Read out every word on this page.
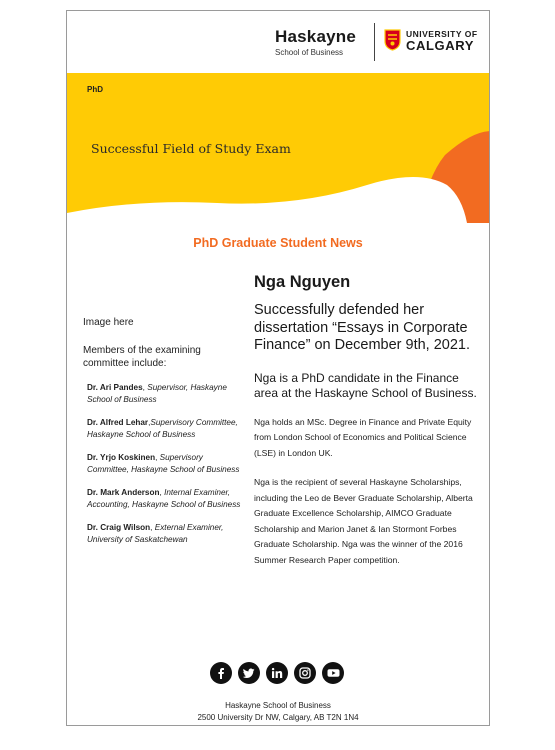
Haskayne
School of Business
UNIVERSITY OF
CALGARY
PhD
Successful Field of Study Exam
PhD Graduate Student News
Image here
Members of the examining committee include:
Dr. Ari Pandes, Supervisor, Haskayne School of Business
Dr. Alfred Lehar,Supervisory Committee, Haskayne School of Business
Dr. Yrjo Koskinen, Supervisory Committee, Haskayne School of Business
Dr. Mark Anderson, Internal Examiner, Accounting, Haskayne School of Business
Dr. Craig Wilson, External Examiner, University of Saskatchewan
Nga Nguyen
Successfully defended her dissertation “Essays in Corporate Finance” on December 9th, 2021.
Nga is a PhD candidate in the Finance area at the Haskayne School of Business.
Nga holds an MSc. Degree in Finance and Private Equity from London School of Economics and Political Science (LSE) in London UK.
Nga is the recipient of several Haskayne Scholarships, including the Leo de Bever Graduate Scholarship, Alberta Graduate Excellence Scholarship, AIMCO Graduate Scholarship and Marion Janet & Ian Stormont Forbes Graduate Scholarship. Nga was the winner of the 2016 Summer Research Paper competition.
Haskayne School of Business
2500 University Dr NW, Calgary, AB T2N 1N4
